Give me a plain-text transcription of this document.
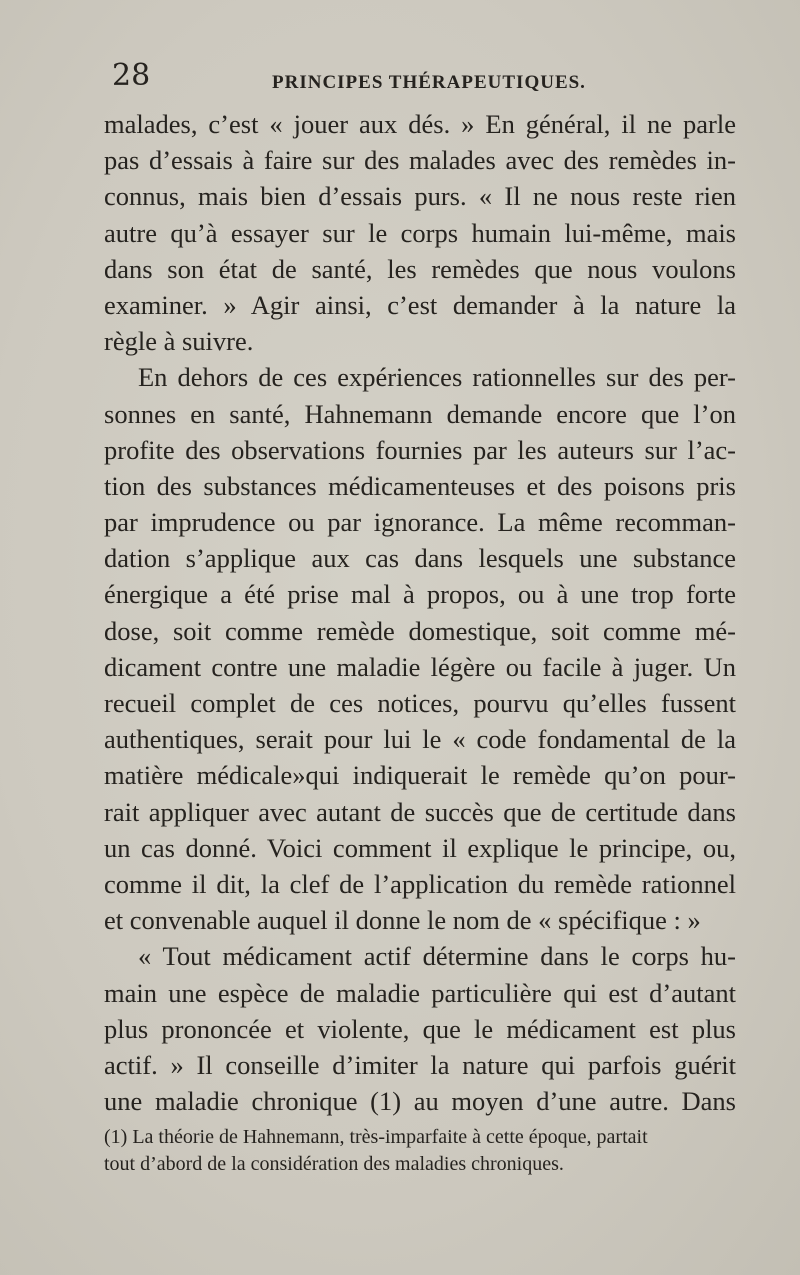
28	PRINCIPES THÉRAPEUTIQUES.
malades, c’est « jouer aux dés. » En général, il ne parle
pas d’essais à faire sur des malades avec des remèdes in-
connus, mais bien d’essais purs. « Il ne nous reste rien
autre qu’à essayer sur le corps humain lui-même, mais
dans son état de santé, les remèdes que nous voulons
examiner. » Agir ainsi, c’est demander à la nature la
règle à suivre.
En dehors de ces expériences rationnelles sur des per-
sonnes en santé, Hahnemann demande encore que l’on
profite des observations fournies par les auteurs sur l’ac-
tion des substances médicamenteuses et des poisons pris
par imprudence ou par ignorance. La même recomman-
dation s’applique aux cas dans lesquels une substance
énergique a été prise mal à propos, ou à une trop forte
dose, soit comme remède domestique, soit comme mé-
dicament contre une maladie légère ou facile à juger. Un
recueil complet de ces notices, pourvu qu’elles fussent
authentiques, serait pour lui le « code fondamental de la
matière médicale»qui indiquerait le remède qu’on pour-
rait appliquer avec autant de succès que de certitude dans
un cas donné. Voici comment il explique le principe, ou,
comme il dit, la clef de l’application du remède rationnel
et convenable auquel il donne le nom de « spécifique : »
« Tout médicament actif détermine dans le corps hu-
main une espèce de maladie particulière qui est d’autant
plus prononcée et violente, que le médicament est plus
actif. » Il conseille d’imiter la nature qui parfois guérit
une maladie chronique (1) au moyen d’une autre. Dans
(1) La théorie de Hahnemann, très-imparfaite à cette époque, partait
tout d’abord de la considération des maladies chroniques.
